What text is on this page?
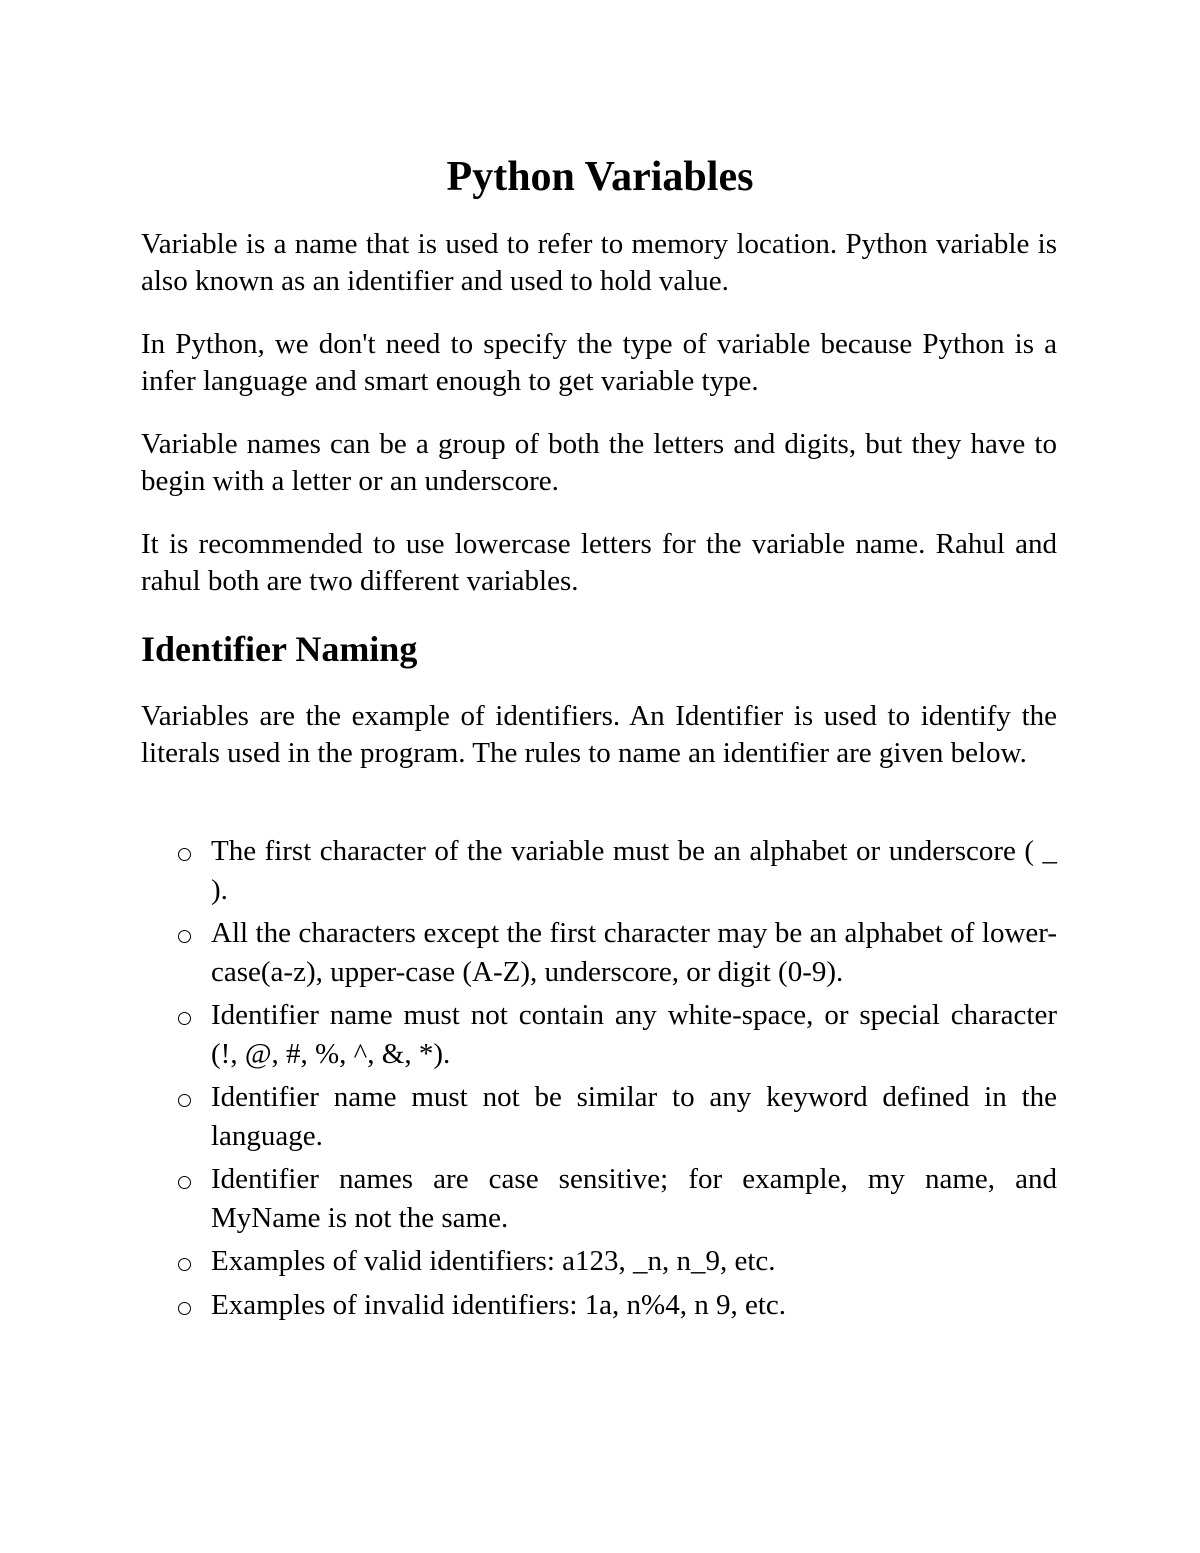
Python Variables

Variable is a name that is used to refer to memory location. Python variable is also known as an identifier and used to hold value.

In Python, we don't need to specify the type of variable because Python is a infer language and smart enough to get variable type.

Variable names can be a group of both the letters and digits, but they have to begin with a letter or an underscore.

It is recommended to use lowercase letters for the variable name. Rahul and rahul both are two different variables.

Identifier Naming

Variables are the example of identifiers. An Identifier is used to identify the literals used in the program. The rules to name an identifier are given below.

The first character of the variable must be an alphabet or underscore ( _ ).
All the characters except the first character may be an alphabet of lower-case(a-z), upper-case (A-Z), underscore, or digit (0-9).
Identifier name must not contain any white-space, or special character (!, @, #, %, ^, &, *).
Identifier name must not be similar to any keyword defined in the language.
Identifier names are case sensitive; for example, my name, and MyName is not the same.
Examples of valid identifiers: a123, _n, n_9, etc.
Examples of invalid identifiers: 1a, n%4, n 9, etc.
